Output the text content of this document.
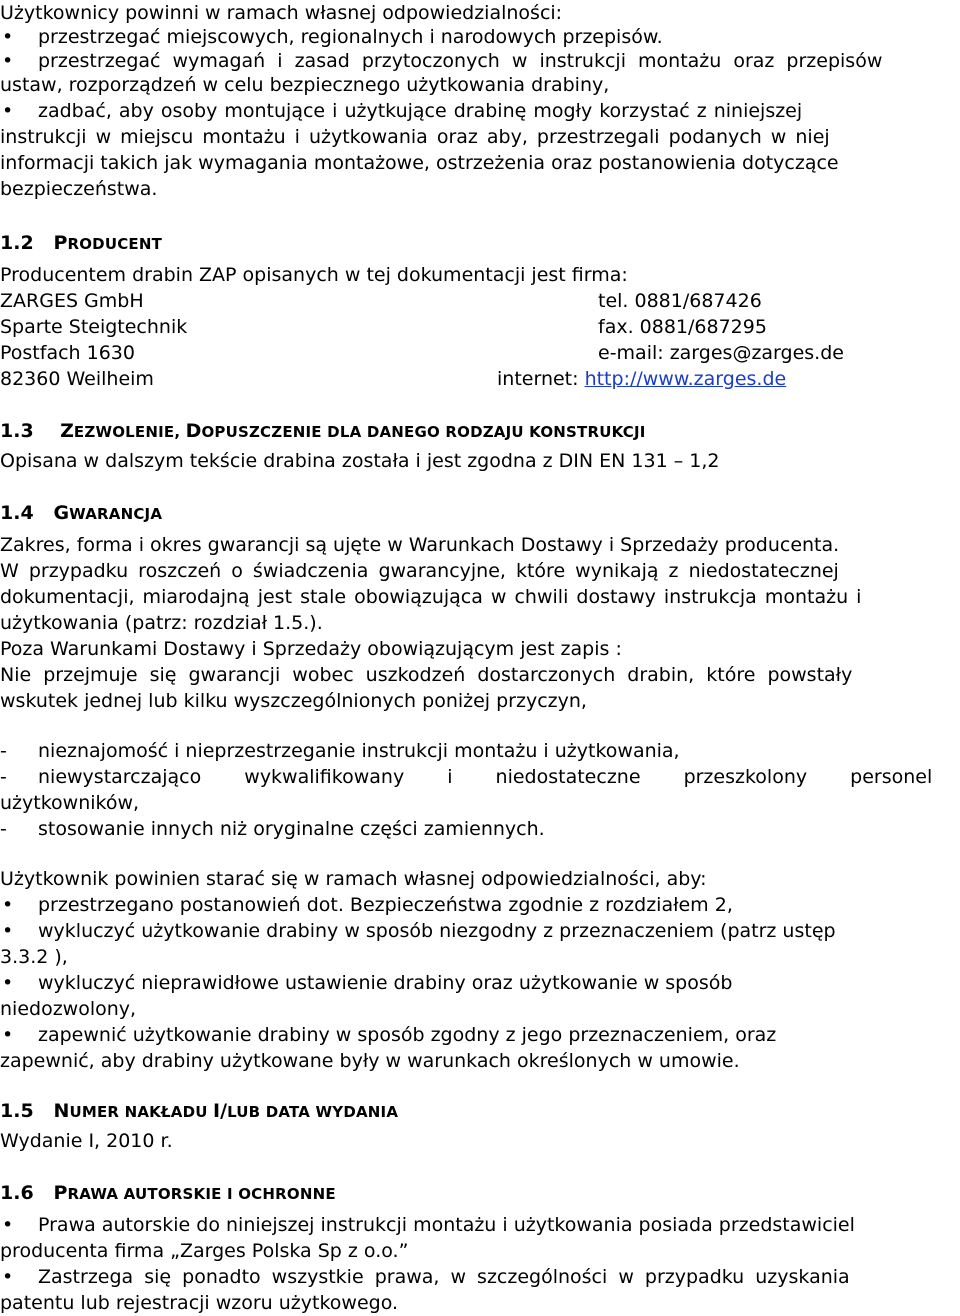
Użytkownicy powinni w ramach własnej odpowiedzialności:
• przestrzegać miejscowych, regionalnych i narodowych przepisów.
• przestrzegać wymagań i zasad przytoczonych w instrukcji montażu oraz przepisów
ustaw, rozporządzeń w celu bezpiecznego użytkowania drabiny,
• zadbać, aby osoby montujące i użytkujące drabinę mogły korzystać z niniejszej
instrukcji w miejscu montażu i użytkowania oraz aby, przestrzegali podanych w niej
informacji takich jak wymagania montażowe, ostrzeżenia oraz postanowienia dotyczące
bezpieczeństwa.
1.2 PRODUCENT
Producentem drabin ZAP opisanych w tej dokumentacji jest firma:
ZARGES GmbH
Sparte Steigtechnik
Postfach 1630
82360 Weilheim
tel. 0881/687426
fax. 0881/687295
e-mail: zarges@zarges.de
internet: http://www.zarges.de
1.3 ZEZWOLENIE, DOPUSZCZENIE DLA DANEGO RODZAJU KONSTRUKCJI
Opisana w dalszym tekście drabina została i jest zgodna z DIN EN 131 – 1,2
1.4 GWARANCJA
Zakres, forma i okres gwarancji są ujęte w Warunkach Dostawy i Sprzedaży producenta.
W przypadku roszczeń o świadczenia gwarancyjne, które wynikają z niedostatecznej
dokumentacji, miarodajną jest stale obowiązująca w chwili dostawy instrukcja montażu i
użytkowania (patrz: rozdział 1.5.).
Poza Warunkami Dostawy i Sprzedaży obowiązującym jest zapis :
Nie przejmuje się gwarancji wobec uszkodzeń dostarczonych drabin, które powstały
wskutek jednej lub kilku wyszczególnionych poniżej przyczyn,
- nieznajomość i nieprzestrzeganie instrukcji montażu i użytkowania,
- niewystarczająco wykwalifikowany i niedostateczne przeszkolony personel
użytkowników,
- stosowanie innych niż oryginalne części zamiennych.
Użytkownik powinien starać się w ramach własnej odpowiedzialności, aby:
• przestrzegano postanowień dot. Bezpieczeństwa zgodnie z rozdziałem 2,
• wykluczyć użytkowanie drabiny w sposób niezgodny z przeznaczeniem (patrz ustęp
3.3.2 ),
• wykluczyć nieprawidłowe ustawienie drabiny oraz użytkowanie w sposób
niedozwolony,
• zapewnić użytkowanie drabiny w sposób zgodny z jego przeznaczeniem, oraz
zapewnić, aby drabiny użytkowane były w warunkach określonych w umowie.
1.5 NUMER NAKŁADU I/LUB DATA WYDANIA
Wydanie I, 2010 r.
1.6 PRAWA AUTORSKIE I OCHRONNE
• Prawa autorskie do niniejszej instrukcji montażu i użytkowania posiada przedstawiciel
producenta firma „Zarges Polska Sp z o.o.”
• Zastrzega się ponadto wszystkie prawa, w szczególności w przypadku uzyskania
patentu lub rejestracji wzoru użytkowego.
